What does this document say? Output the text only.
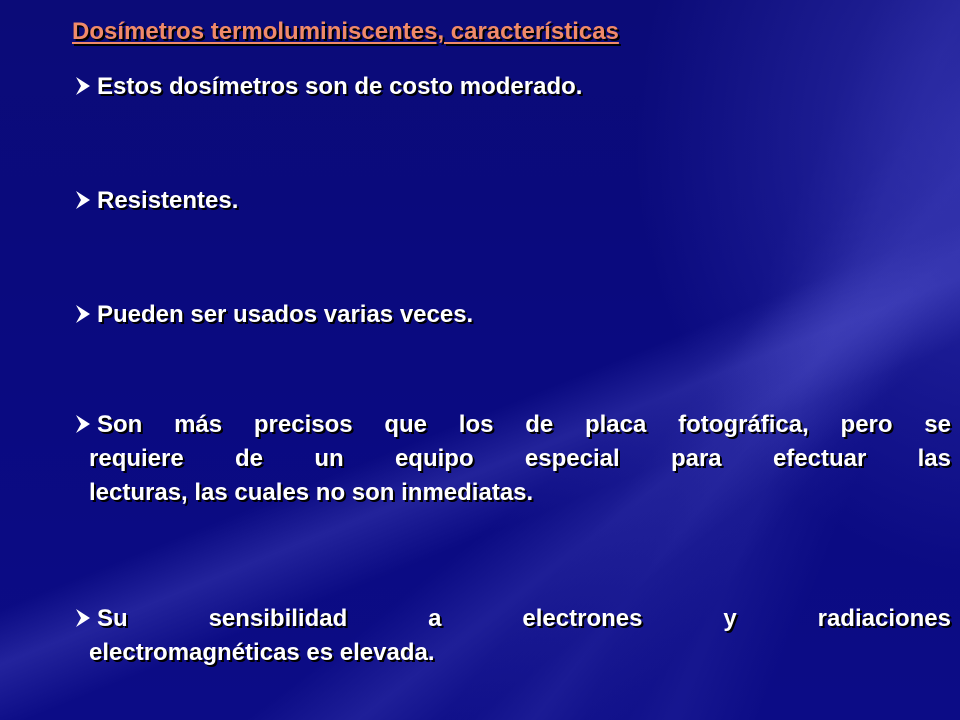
Dosímetros termoluminiscentes, características
Estos dosímetros son de costo moderado.
Resistentes.
Pueden ser usados varias veces.
Son más precisos que los de placa fotográfica, pero se
requiere de un equipo especial para efectuar las
lecturas, las cuales no son inmediatas.
Su sensibilidad a electrones y radiaciones
electromagnéticas es elevada.
